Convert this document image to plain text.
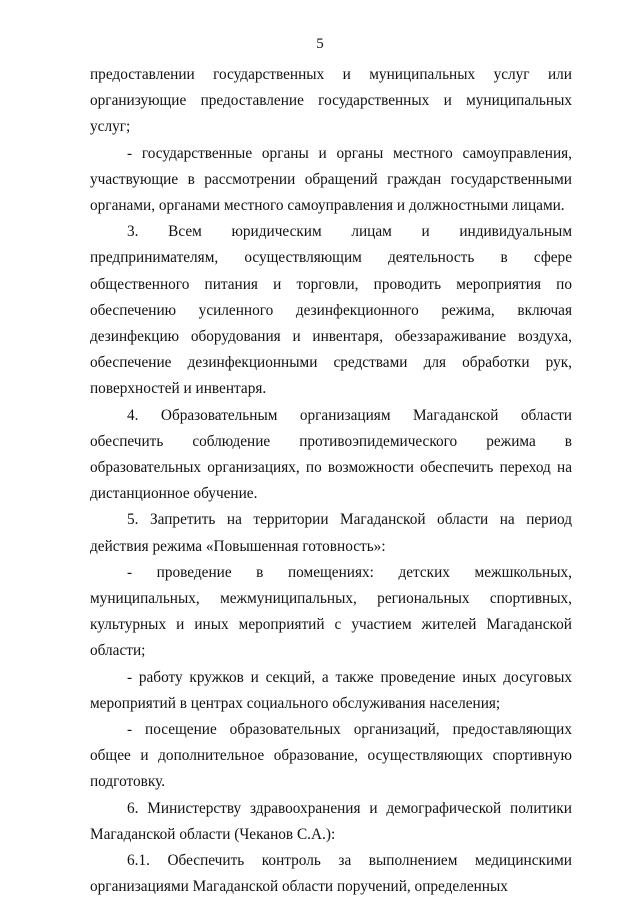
5

предоставлении государственных и муниципальных услуг или организующие предоставление государственных и муниципальных услуг;

- государственные органы и органы местного самоуправления, участвующие в рассмотрении обращений граждан государственными органами, органами местного самоуправления и должностными лицами.

3. Всем юридическим лицам и индивидуальным предпринимателям, осуществляющим деятельность в сфере общественного питания и торговли, проводить мероприятия по обеспечению усиленного дезинфекционного режима, включая дезинфекцию оборудования и инвентаря, обеззараживание воздуха, обеспечение дезинфекционными средствами для обработки рук, поверхностей и инвентаря.

4. Образовательным организациям Магаданской области обеспечить соблюдение противоэпидемического режима в образовательных организациях, по возможности обеспечить переход на дистанционное обучение.

5. Запретить на территории Магаданской области на период действия режима «Повышенная готовность»:

- проведение в помещениях: детских межшкольных, муниципальных, межмуниципальных, региональных спортивных, культурных и иных мероприятий с участием жителей Магаданской области;

- работу кружков и секций, а также проведение иных досуговых мероприятий в центрах социального обслуживания населения;

- посещение образовательных организаций, предоставляющих общее и дополнительное образование, осуществляющих спортивную подготовку.

6. Министерству здравоохранения и демографической политики Магаданской области (Чеканов С.А.):

6.1. Обеспечить контроль за выполнением медицинскими организациями Магаданской области поручений, определенных
